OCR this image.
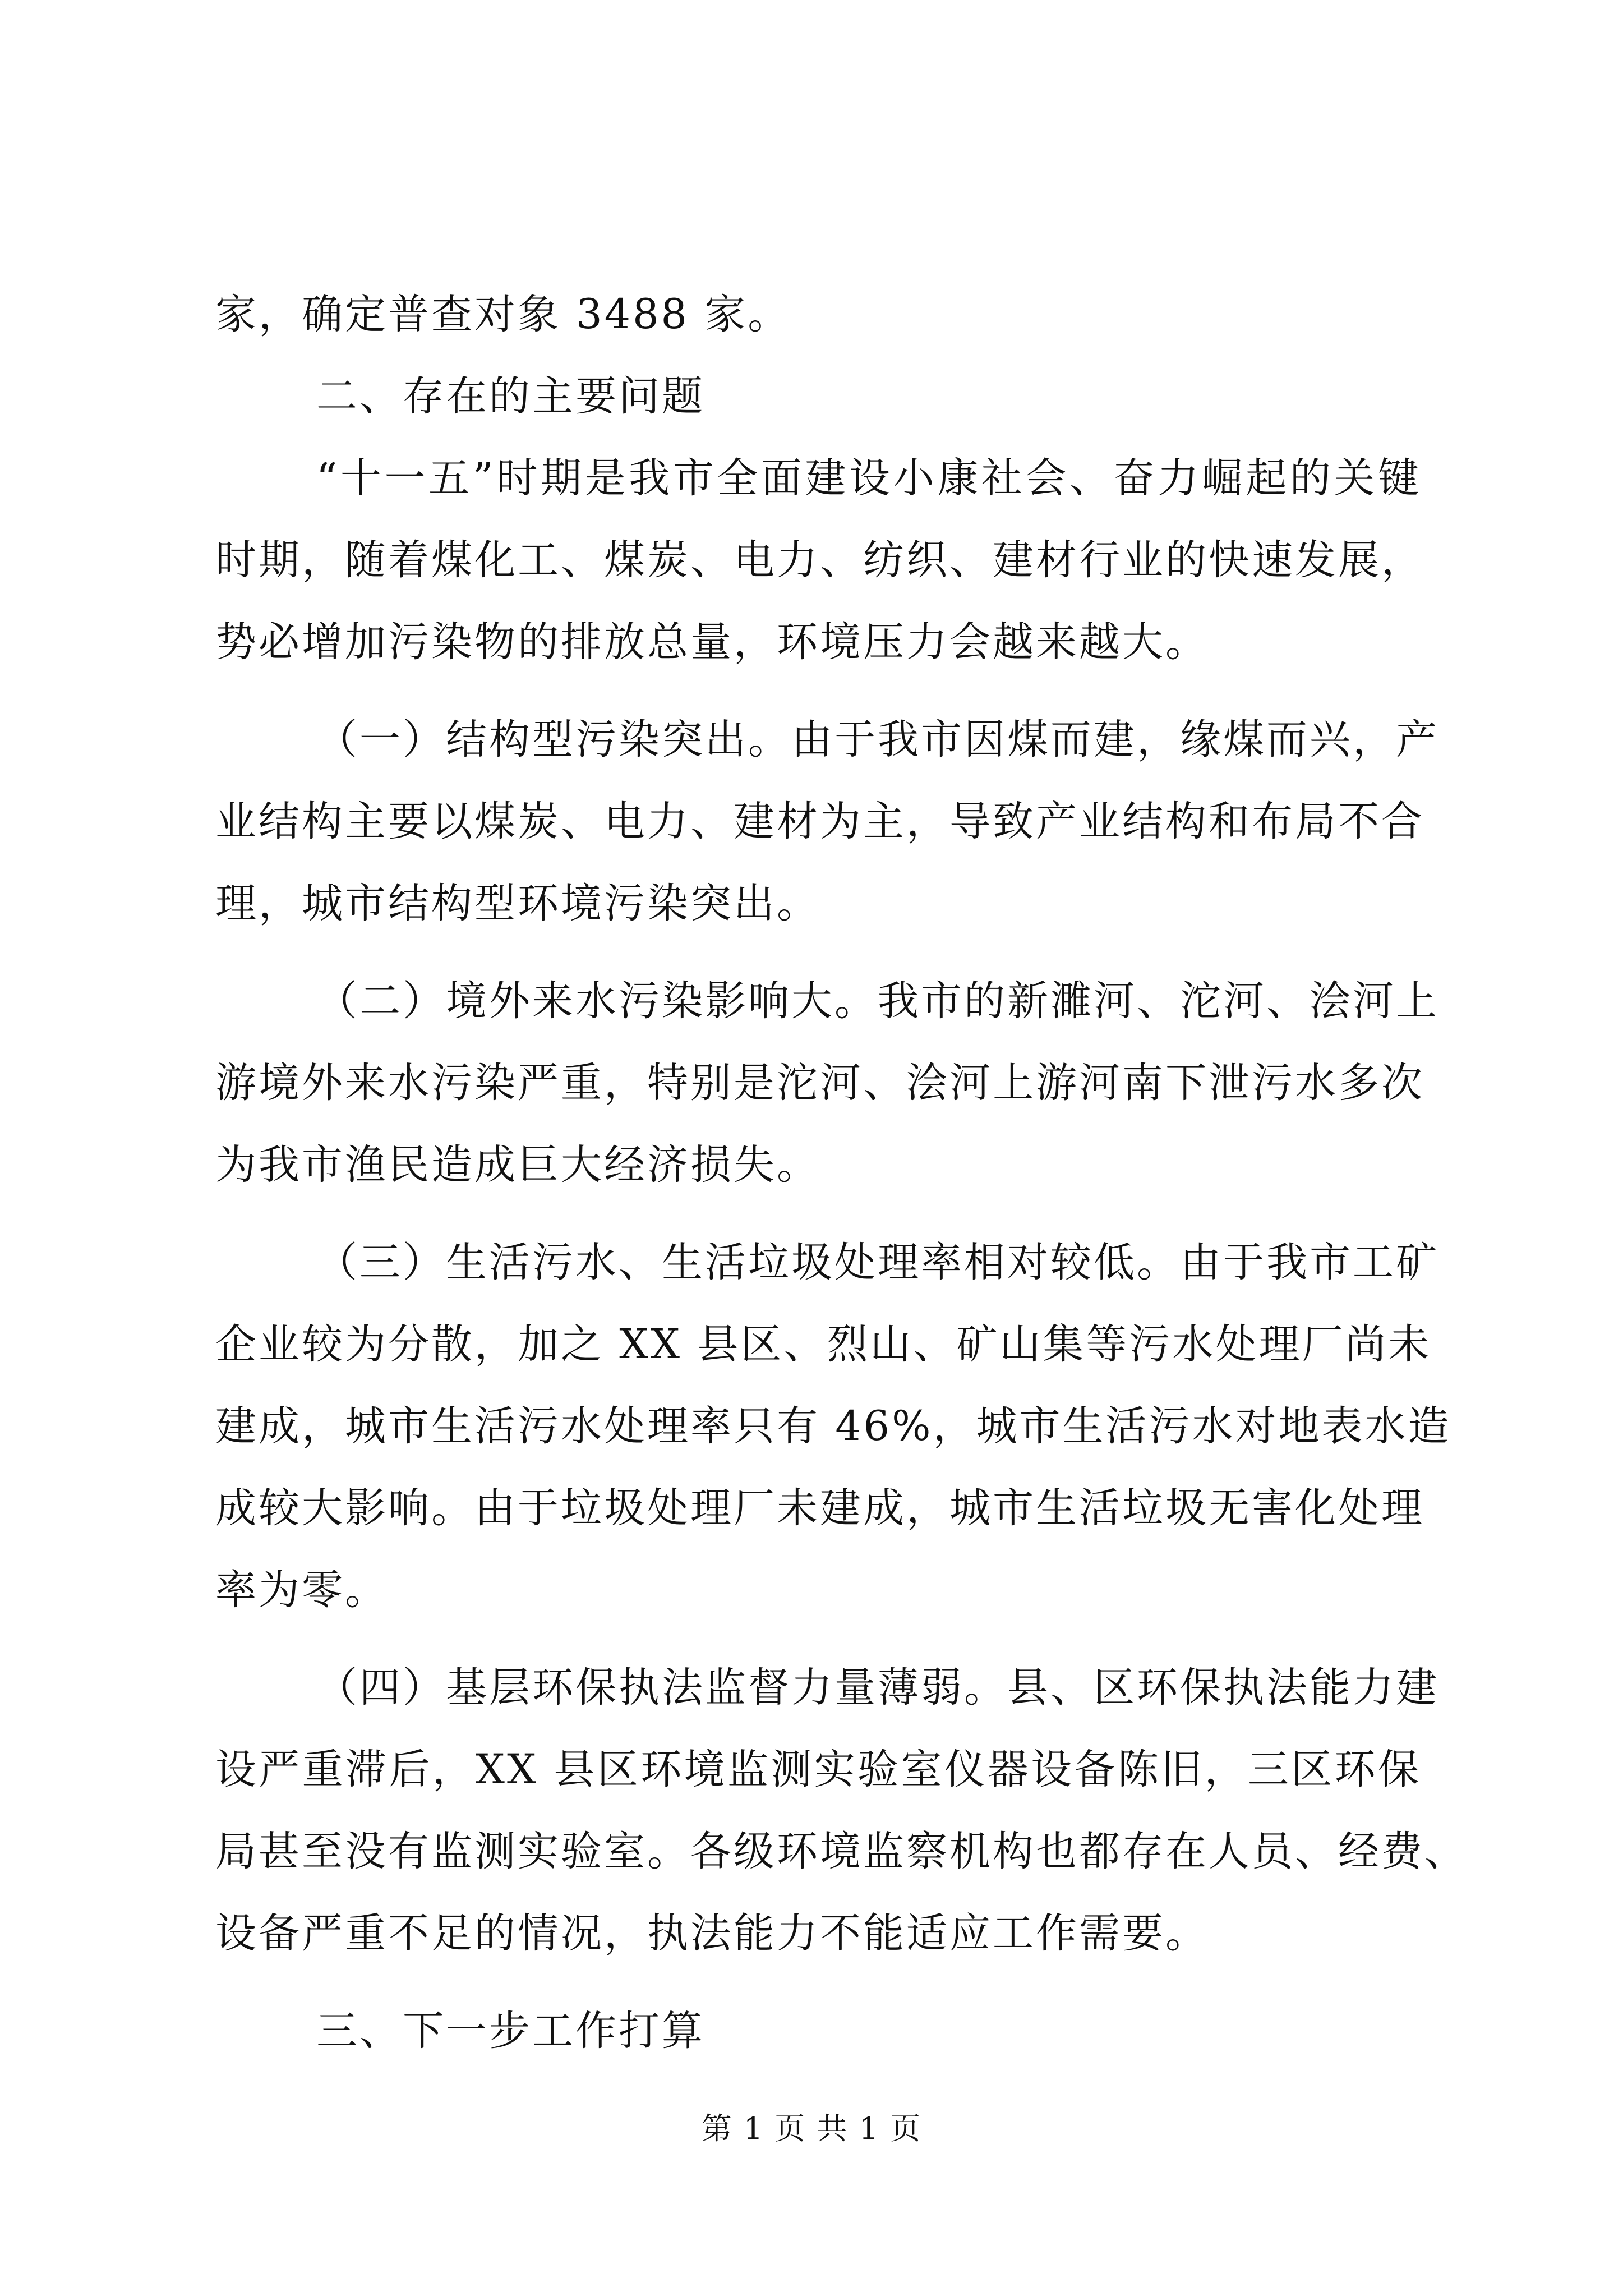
家，确定普查对象 3488 家。
二、存在的主要问题
“十一五”时期是我市全面建设小康社会、奋力崛起的关键
时期，随着煤化工、煤炭、电力、纺织、建材行业的快速发展，
势必增加污染物的排放总量，环境压力会越来越大。
（一）结构型污染突出。由于我市因煤而建，缘煤而兴，产
业结构主要以煤炭、电力、建材为主，导致产业结构和布局不合
理，城市结构型环境污染突出。
（二）境外来水污染影响大。我市的新濉河、沱河、浍河上
游境外来水污染严重，特别是沱河、浍河上游河南下泄污水多次
为我市渔民造成巨大经济损失。
（三）生活污水、生活垃圾处理率相对较低。由于我市工矿
企业较为分散，加之 XX 县区、烈山、矿山集等污水处理厂尚未
建成，城市生活污水处理率只有 46%，城市生活污水对地表水造
成较大影响。由于垃圾处理厂未建成，城市生活垃圾无害化处理
率为零。
（四）基层环保执法监督力量薄弱。县、区环保执法能力建
设严重滞后，XX 县区环境监测实验室仪器设备陈旧，三区环保
局甚至没有监测实验室。各级环境监察机构也都存在人员、经费、
设备严重不足的情况，执法能力不能适应工作需要。
三、下一步工作打算
第 1 页 共 1 页
